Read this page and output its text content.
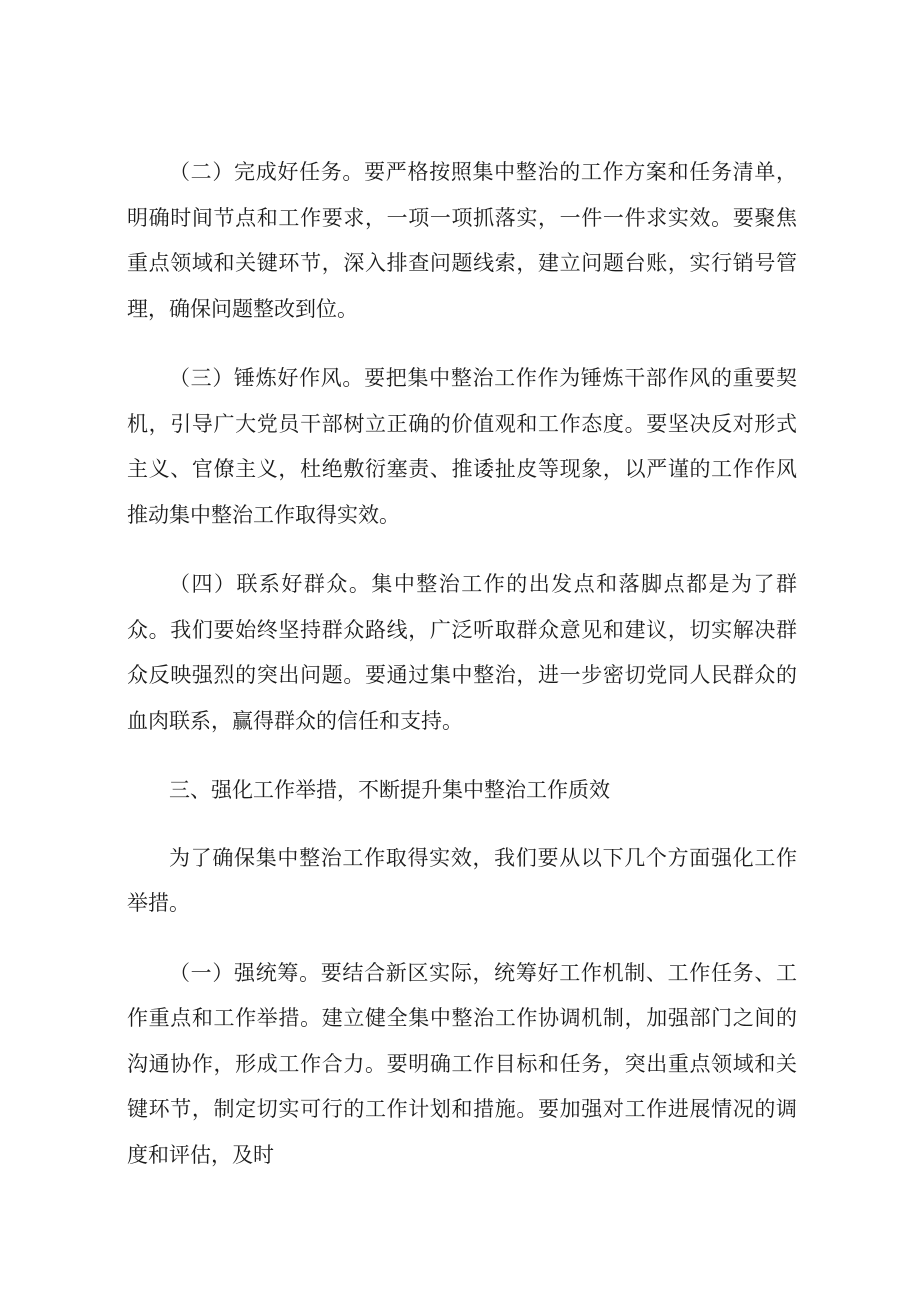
（二）完成好任务。要严格按照集中整治的工作方案和任务清单，明确时间节点和工作要求，一项一项抓落实，一件一件求实效。要聚焦重点领域和关键环节，深入排查问题线索，建立问题台账，实行销号管理，确保问题整改到位。

（三）锤炼好作风。要把集中整治工作作为锤炼干部作风的重要契机，引导广大党员干部树立正确的价值观和工作态度。要坚决反对形式主义、官僚主义，杜绝敷衍塞责、推诿扯皮等现象，以严谨的工作作风推动集中整治工作取得实效。

（四）联系好群众。集中整治工作的出发点和落脚点都是为了群众。我们要始终坚持群众路线，广泛听取群众意见和建议，切实解决群众反映强烈的突出问题。要通过集中整治，进一步密切党同人民群众的血肉联系，赢得群众的信任和支持。

三、强化工作举措，不断提升集中整治工作质效

为了确保集中整治工作取得实效，我们要从以下几个方面强化工作举措。

（一）强统筹。要结合新区实际，统筹好工作机制、工作任务、工作重点和工作举措。建立健全集中整治工作协调机制，加强部门之间的沟通协作，形成工作合力。要明确工作目标和任务，突出重点领域和关键环节，制定切实可行的工作计划和措施。要加强对工作进展情况的调度和评估，及时
